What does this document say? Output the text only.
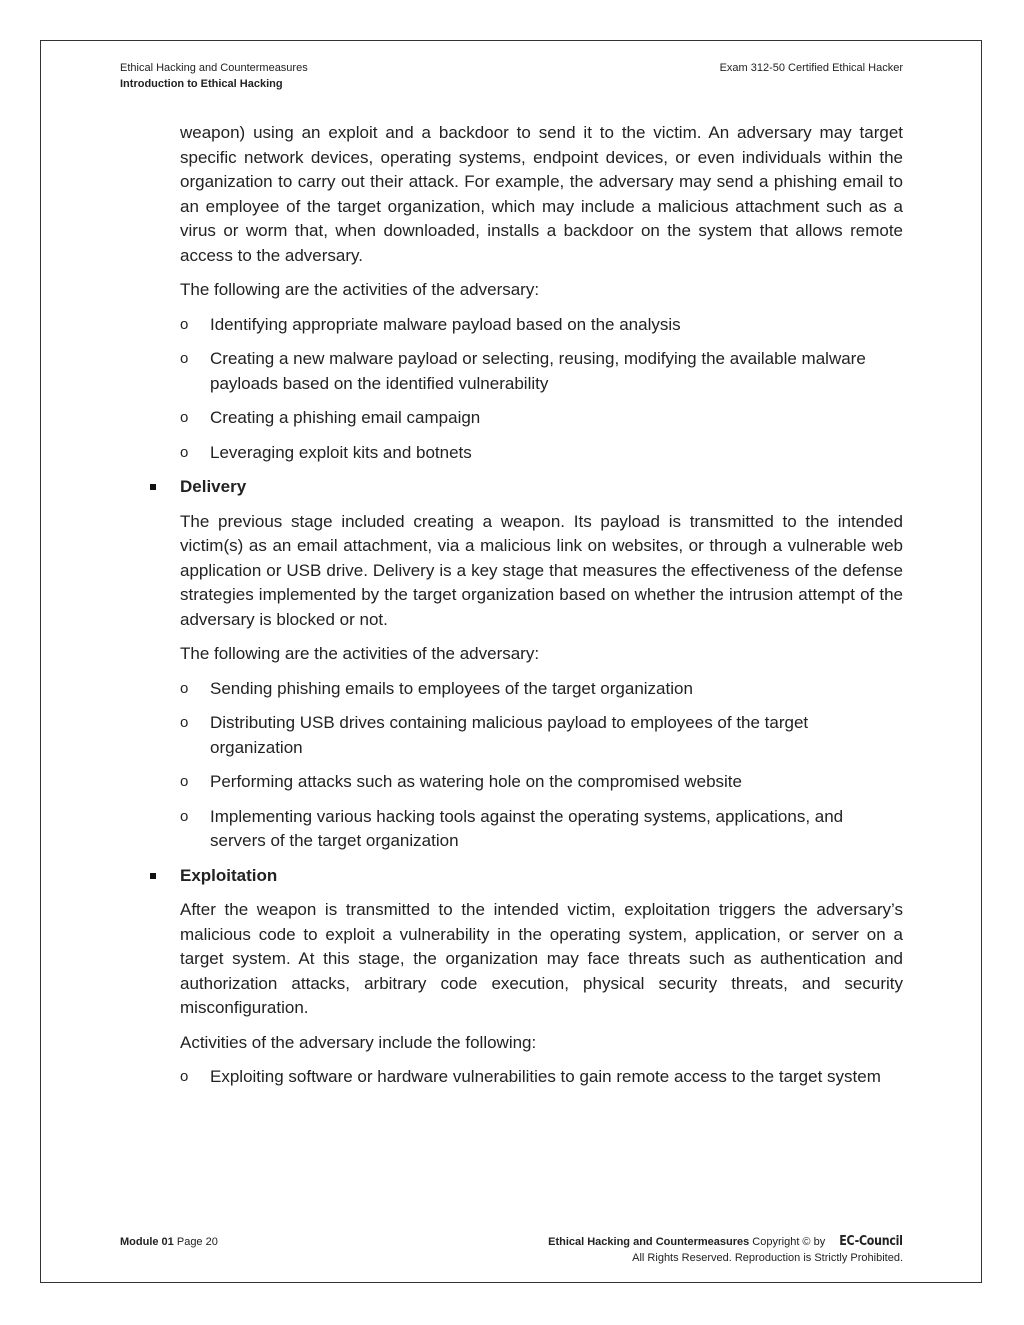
Ethical Hacking and Countermeasures
Introduction to Ethical Hacking
Exam 312-50 Certified Ethical Hacker

weapon) using an exploit and a backdoor to send it to the victim. An adversary may target specific network devices, operating systems, endpoint devices, or even individuals within the organization to carry out their attack. For example, the adversary may send a phishing email to an employee of the target organization, which may include a malicious attachment such as a virus or worm that, when downloaded, installs a backdoor on the system that allows remote access to the adversary.

The following are the activities of the adversary:

o Identifying appropriate malware payload based on the analysis
o Creating a new malware payload or selecting, reusing, modifying the available malware payloads based on the identified vulnerability
o Creating a phishing email campaign
o Leveraging exploit kits and botnets
Delivery

The previous stage included creating a weapon. Its payload is transmitted to the intended victim(s) as an email attachment, via a malicious link on websites, or through a vulnerable web application or USB drive. Delivery is a key stage that measures the effectiveness of the defense strategies implemented by the target organization based on whether the intrusion attempt of the adversary is blocked or not.

The following are the activities of the adversary:

o Sending phishing emails to employees of the target organization
o Distributing USB drives containing malicious payload to employees of the target organization
o Performing attacks such as watering hole on the compromised website
o Implementing various hacking tools against the operating systems, applications, and servers of the target organization
Exploitation

After the weapon is transmitted to the intended victim, exploitation triggers the adversary’s malicious code to exploit a vulnerability in the operating system, application, or server on a target system. At this stage, the organization may face threats such as authentication and authorization attacks, arbitrary code execution, physical security threats, and security misconfiguration.

Activities of the adversary include the following:

o Exploiting software or hardware vulnerabilities to gain remote access to the target system
Module 01 Page 20	Ethical Hacking and Countermeasures Copyright © by EC-Council
All Rights Reserved. Reproduction is Strictly Prohibited.
